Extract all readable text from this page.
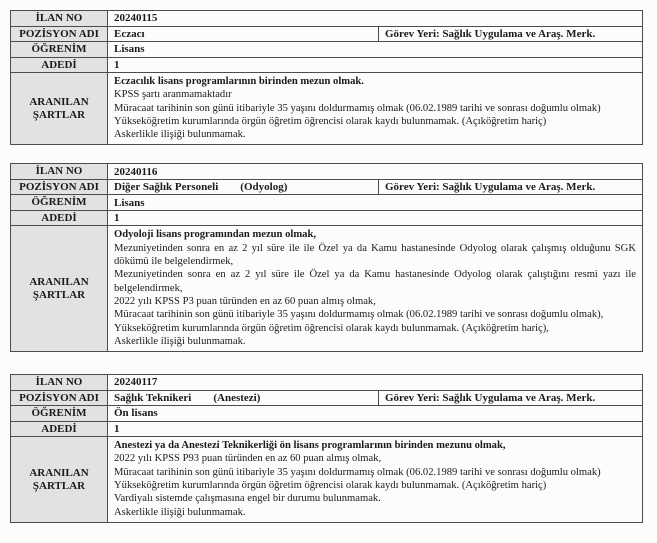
İLAN NO	20240115	
POZİSYON ADI	Eczacı	Görev Yeri: Sağlık Uygulama ve Araş. Merk.
ÖĞRENİM	Lisans	
ADEDİ	1	
ARANILAN ŞARTLAR	Eczacılık lisans programlarının birinden mezun olmak.
KPSS şartı aranmamaktadır
Müracaat tarihinin son günü itibariyle 35 yaşını doldurmamış olmak (06.02.1989 tarihi ve sonrası doğumlu olmak)
Yükseköğretim kurumlarında örgün öğretim öğrencisi olarak kaydı bulunmamak. (Açıköğretim hariç)
Askerlikle ilişiği bulunmamak.	
İLAN NO	20240116	
POZİSYON ADI	Diğer Sağlık Personeli (Odyolog)	Görev Yeri: Sağlık Uygulama ve Araş. Merk.
ÖĞRENİM	Lisans	
ADEDİ	1	
ARANILAN ŞARTLAR	
Odyoloji lisans programından mezun olmak,
Mezuniyetinden sonra en az 2 yıl süre ile ile Özel ya da Kamu hastanesinde Odyolog olarak çalışmış olduğunu SGK dökümü ile belgelendirmek,
Mezuniyetinden sonra en az 2 yıl süre ile Özel ya da Kamu hastanesinde Odyolog olarak çalıştığını resmi yazı ile belgelendirmek,
2022 yılı KPSS P3 puan türünden en az 60 puan almış olmak,
Müracaat tarihinin son günü itibariyle 35 yaşını doldurmamış olmak (06.02.1989 tarihi ve sonrası doğumlu olmak),
Yükseköğretim kurumlarında örgün öğretim öğrencisi olarak kaydı bulunmamak. (Açıköğretim hariç),
Askerlikle ilişiği bulunmamak.
İLAN NO	20240117	
POZİSYON ADI	Sağlık Teknikeri (Anestezi)	Görev Yeri: Sağlık Uygulama ve Araş. Merk.
ÖĞRENİM	Ön lisans	
ADEDİ	1	
ARANILAN ŞARTLAR	
Anestezi ya da Anestezi Teknikerliği ön lisans programlarının birinden mezunu olmak,
2022 yılı KPSS P93 puan türünden en az 60 puan almış olmak,
Müracaat tarihinin son günü itibariyle 35 yaşını doldurmamış olmak (06.02.1989 tarihi ve sonrası doğumlu olmak)
Yükseköğretim kurumlarında örgün öğretim öğrencisi olarak kaydı bulunmamak. (Açıköğretim hariç)
Vardiyalı sistemde çalışmasına engel bir durumu bulunmamak.
Askerlikle ilişiği bulunmamak.
